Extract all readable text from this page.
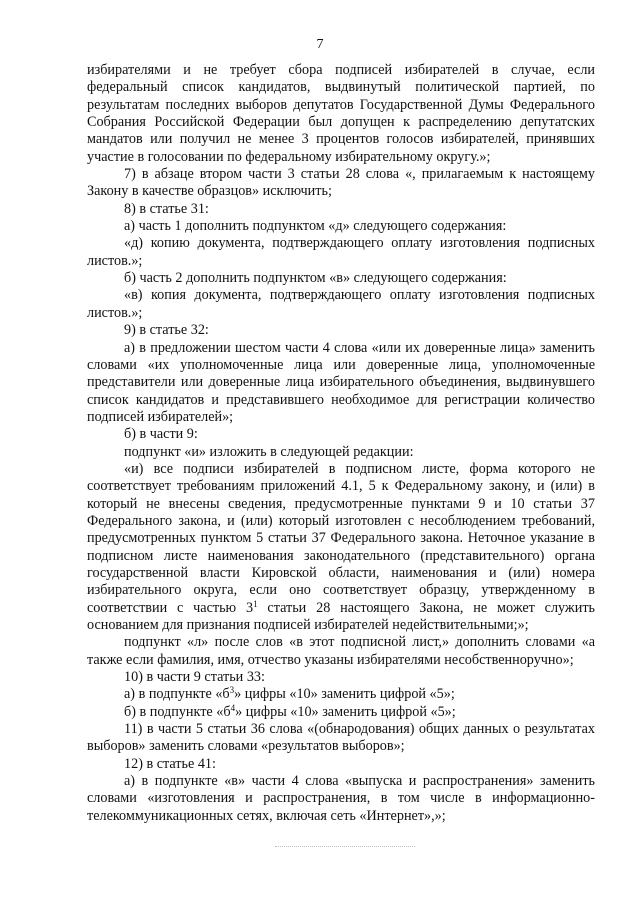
7

избирателями и не требует сбора подписей избирателей в случае, если федеральный список кандидатов, выдвинутый политической партией, по результатам последних выборов депутатов Государственной Думы Федерального Собрания Российской Федерации был допущен к распределению депутатских мандатов или получил не менее 3 процентов голосов избирателей, принявших участие в голосовании по федеральному избирательному округу.»;

7) в абзаце втором части 3 статьи 28 слова «, прилагаемым к настоящему Закону в качестве образцов» исключить;

8) в статье 31:

а) часть 1 дополнить подпунктом «д» следующего содержания:

«д) копию документа, подтверждающего оплату изготовления подписных листов.»;

б) часть 2 дополнить подпунктом «в» следующего содержания:

«в) копия документа, подтверждающего оплату изготовления подписных листов.»;

9) в статье 32:

а) в предложении шестом части 4 слова «или их доверенные лица» заменить словами «их уполномоченные лица или доверенные лица, уполномоченные представители или доверенные лица избирательного объединения, выдвинувшего список кандидатов и представившего необходимое для регистрации количество подписей избирателей»;

б) в части 9:

подпункт «и» изложить в следующей редакции:

«и) все подписи избирателей в подписном листе, форма которого не соответствует требованиям приложений 4.1, 5 к Федеральному закону, и (или) в который не внесены сведения, предусмотренные пунктами 9 и 10 статьи 37 Федерального закона, и (или) который изготовлен с несоблюдением требований, предусмотренных пунктом 5 статьи 37 Федерального закона. Неточное указание в подписном листе наименования законодательного (представительного) органа государственной власти Кировской области, наименования и (или) номера избирательного округа, если оно соответствует образцу, утвержденному в соответствии с частью $3^1$ статьи 28 настоящего Закона, не может служить основанием для признания подписей избирателей недействительными;»;

подпункт «л» после слов «в этот подписной лист,» дополнить словами «а также если фамилия, имя, отчество указаны избирателями несобственноручно»;

10) в части 9 статьи 33:

а) в подпункте «$б^3$» цифры «10» заменить цифрой «5»;

б) в подпункте «$б^4$» цифры «10» заменить цифрой «5»;

11) в части 5 статьи 36 слова «(обнародования) общих данных о результатах выборов» заменить словами «результатов выборов»;

12) в статье 41:

а) в подпункте «в» части 4 слова «выпуска и распространения» заменить словами «изготовления и распространения, в том числе в информационно-телекоммуникационных сетях, включая сеть «Интернет»,»;
